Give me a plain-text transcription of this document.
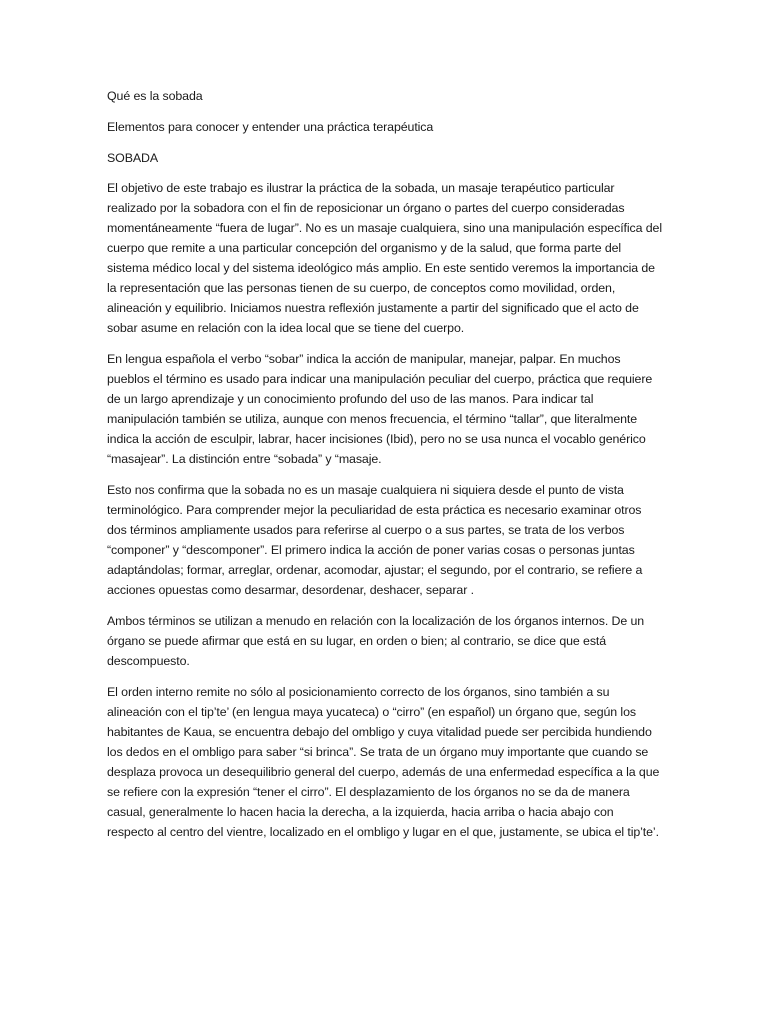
Qué es la sobada

Elementos para conocer y entender una práctica terapéutica

SOBADA

El objetivo de este trabajo es ilustrar la práctica de la sobada, un masaje terapéutico particular realizado por la sobadora con el fin de reposicionar un órgano o partes del cuerpo consideradas momentáneamente “fuera de lugar”. No es un masaje cualquiera, sino una manipulación específica del cuerpo que remite a una particular concepción del organismo y de la salud, que forma parte del sistema médico local y del sistema ideológico más amplio. En este sentido veremos la importancia de la representación que las personas tienen de su cuerpo, de conceptos como movilidad, orden, alineación y equilibrio. Iniciamos nuestra reflexión justamente a partir del significado que el acto de sobar asume en relación con la idea local que se tiene del cuerpo.

En lengua española el verbo “sobar” indica la acción de manipular, manejar, palpar. En muchos pueblos el término es usado para indicar una manipulación peculiar del cuerpo, práctica que requiere de un largo aprendizaje y un conocimiento profundo del uso de las manos. Para indicar tal manipulación también se utiliza, aunque con menos frecuencia, el término “tallar”, que literalmente indica la acción de esculpir, labrar, hacer incisiones (Ibid), pero no se usa nunca el vocablo genérico “masajear”. La distinción entre “sobada” y “masaje.

Esto nos confirma que la sobada no es un masaje cualquiera ni siquiera desde el punto de vista terminológico. Para comprender mejor la peculiaridad de esta práctica es necesario examinar otros dos términos ampliamente usados para referirse al cuerpo o a sus partes, se trata de los verbos “componer” y “descomponer”. El primero indica la acción de poner varias cosas o personas juntas adaptándolas; formar, arreglar, ordenar, acomodar, ajustar; el segundo, por el contrario, se refiere a acciones opuestas como desarmar, desordenar, deshacer, separar .

Ambos términos se utilizan a menudo en relación con la localización de los órganos internos. De un órgano se puede afirmar que está en su lugar, en orden o bien; al contrario, se dice que está descompuesto.

El orden interno remite no sólo al posicionamiento correcto de los órganos, sino también a su alineación con el tip’te’ (en lengua maya yucateca) o “cirro” (en español) un órgano que, según los habitantes de Kaua, se encuentra debajo del ombligo y cuya vitalidad puede ser percibida hundiendo los dedos en el ombligo para saber “si brinca”. Se trata de un órgano muy importante que cuando se desplaza provoca un desequilibrio general del cuerpo, además de una enfermedad específica a la que se refiere con la expresión “tener el cirro”. El desplazamiento de los órganos no se da de manera casual, generalmente lo hacen hacia la derecha, a la izquierda, hacia arriba o hacia abajo con respecto al centro del vientre, localizado en el ombligo y lugar en el que, justamente, se ubica el tip’te’.
